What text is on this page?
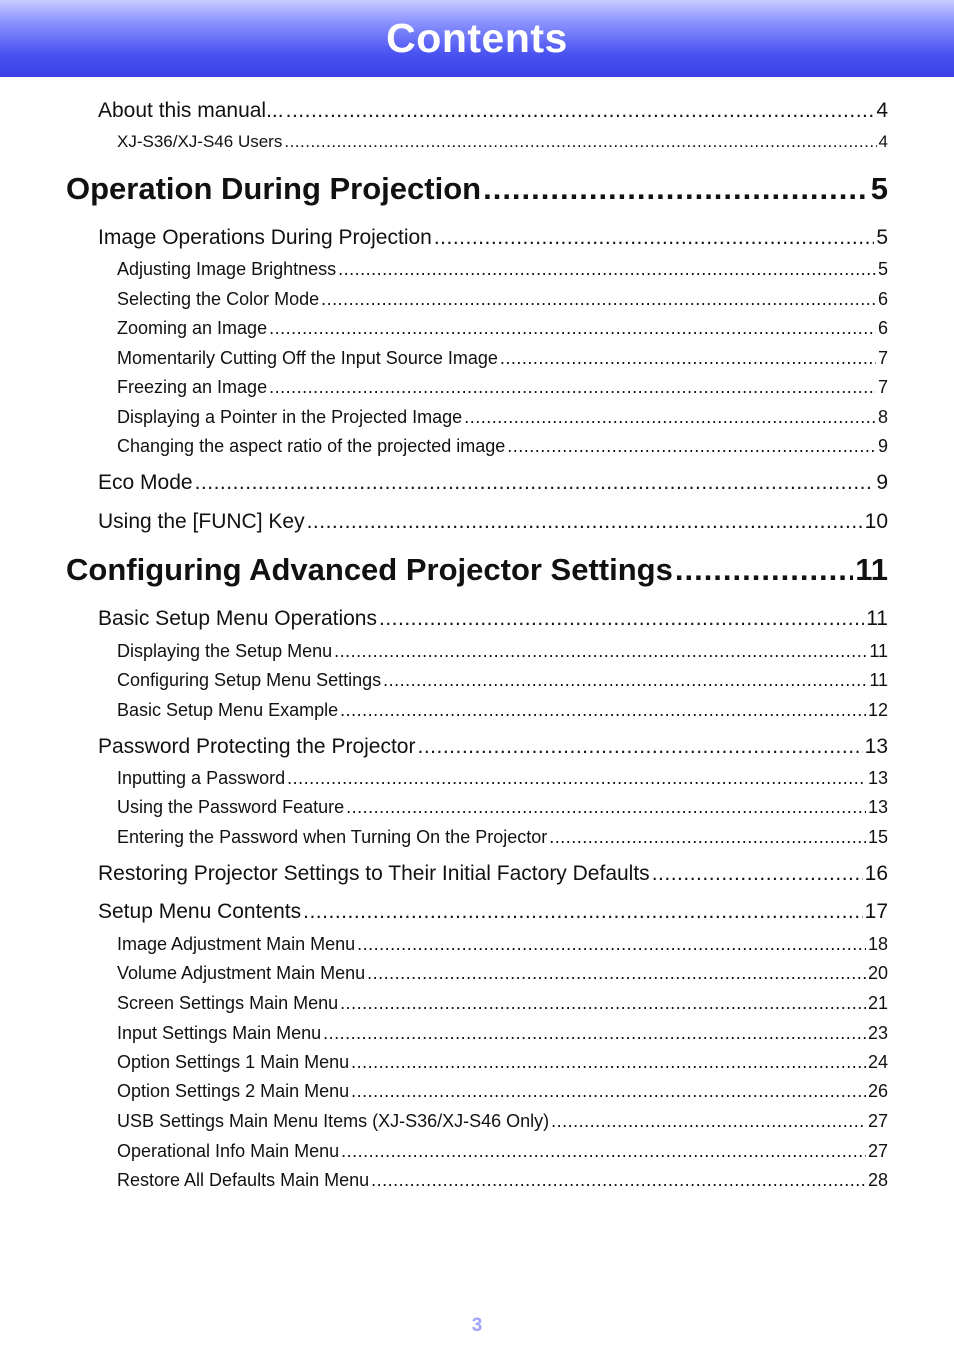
Contents
About this manual... .....	4
XJ-S36/XJ-S46 Users .....	4
Operation During Projection .....	5
Image Operations During Projection .....	5
Adjusting Image Brightness .....	5
Selecting the Color Mode .....	6
Zooming an Image .....	6
Momentarily Cutting Off the Input Source Image .....	7
Freezing an Image .....	7
Displaying a Pointer in the Projected Image .....	8
Changing the aspect ratio of the projected image .....	9
Eco Mode .....	9
Using the [FUNC] Key .....	10
Configuring Advanced Projector Settings .....	11
Basic Setup Menu Operations .....	11
Displaying the Setup Menu .....	11
Configuring Setup Menu Settings .....	11
Basic Setup Menu Example .....	12
Password Protecting the Projector .....	13
Inputting a Password .....	13
Using the Password Feature .....	13
Entering the Password when Turning On the Projector .....	15
Restoring Projector Settings to Their Initial Factory Defaults .....	16
Setup Menu Contents .....	17
Image Adjustment Main Menu .....	18
Volume Adjustment Main Menu .....	20
Screen Settings Main Menu .....	21
Input Settings Main Menu .....	23
Option Settings 1 Main Menu .....	24
Option Settings 2 Main Menu .....	26
USB Settings Main Menu Items (XJ-S36/XJ-S46 Only) .....	27
Operational Info Main Menu .....	27
Restore All Defaults Main Menu .....	28
3
